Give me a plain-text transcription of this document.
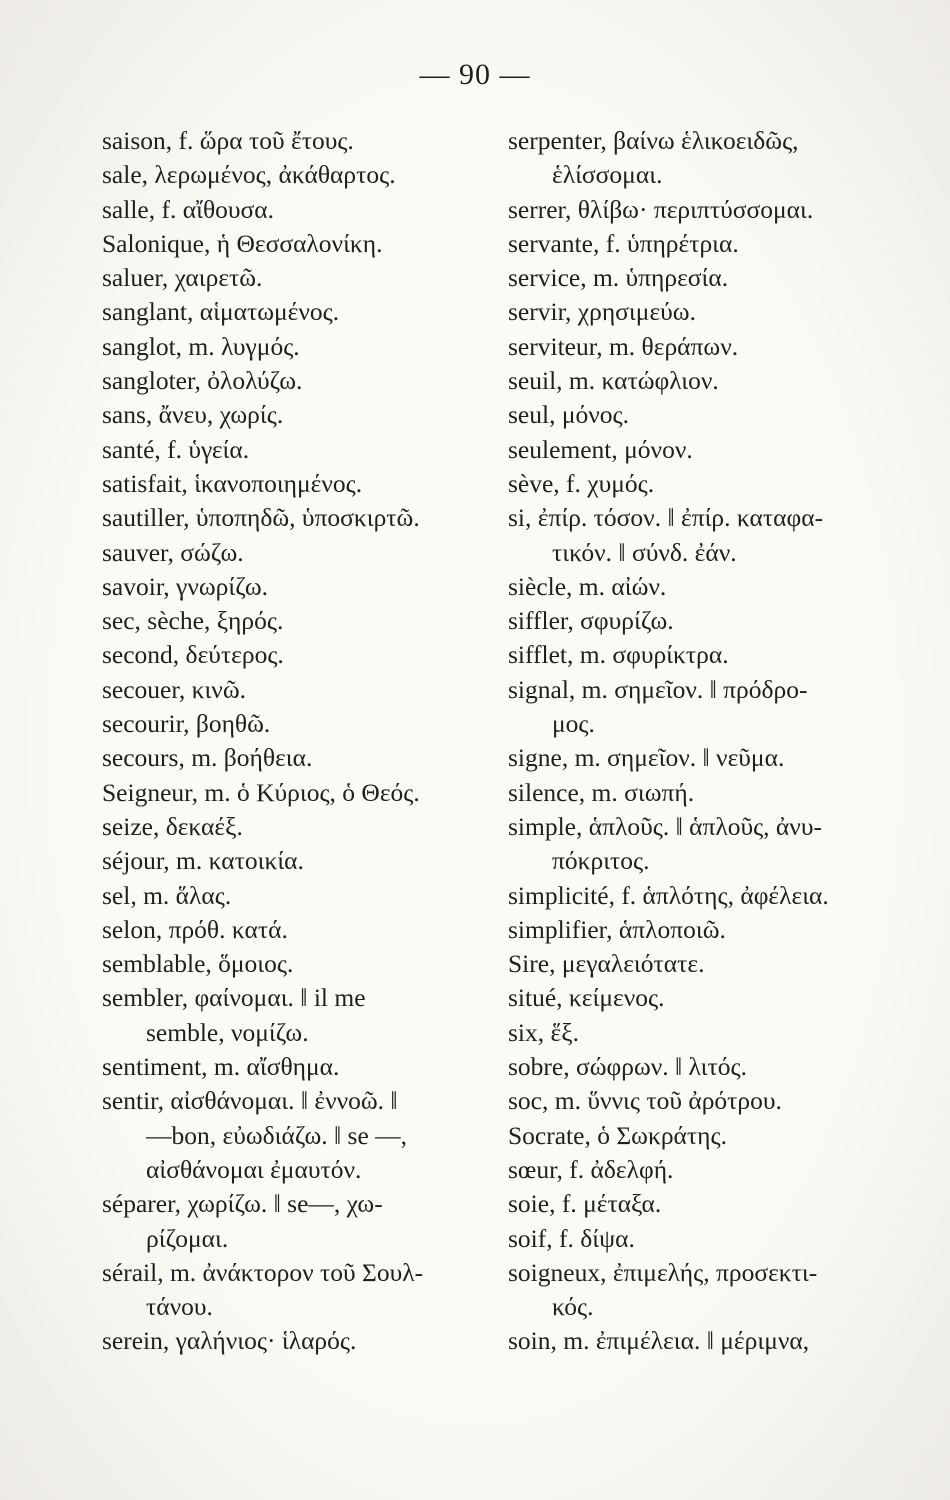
— 90 —
saison, f. ὥρα τοῦ ἔτους.
sale, λερωμένος, ἀκάθαρτος.
salle, f. αἴθουσα.
Salonique, ἡ Θεσσαλονίκη.
saluer, χαιρετῶ.
sanglant, αἱματωμένος.
sanglot, m. λυγμός.
sangloter, ὀλολύζω.
sans, ἄνευ, χωρίς.
santé, f. ὑγεία.
satisfait, ἱκανοποιημένος.
sautiller, ὑποπηδῶ, ὑποσκιρτῶ.
sauver, σώζω.
savoir, γνωρίζω.
sec, sèche, ξηρός.
second, δεύτερος.
secouer, κινῶ.
secourir, βοηθῶ.
secours, m. βοήθεια.
Seigneur, m. ὁ Κύριος, ὁ Θεός.
seize, δεκαέξ.
séjour, m. κατοικία.
sel, m. ἅλας.
selon, πρόθ. κατά.
semblable, ὅμοιος.
sembler, φαίνομαι. ‖ il me
semble, νομίζω.
sentiment, m. αἴσθημα.
sentir, αἰσθάνομαι. ‖ ἐννοῶ. ‖
—bon, εὐωδιάζω. ‖ se —,
αἰσθάνομαι ἐμαυτόν.
séparer, χωρίζω. ‖ se—, χω-
ρίζομαι.
sérail, m. ἀνάκτορον τοῦ Σουλ-
τάνου.
serein, γαλήνιος· ἱλαρός.
serpenter, βαίνω ἑλικοειδῶς,
ἑλίσσομαι.
serrer, θλίβω· περιπτύσσομαι.
servante, f. ὑπηρέτρια.
service, m. ὑπηρεσία.
servir, χρησιμεύω.
serviteur, m. θεράπων.
seuil, m. κατώφλιον.
seul, μόνος.
seulement, μόνον.
sève, f. χυμός.
si, ἐπίρ. τόσον. ‖ ἐπίρ. καταφα-
τικόν. ‖ σύνδ. ἐάν.
siècle, m. αἰών.
siffler, σφυρίζω.
sifflet, m. σφυρίκτρα.
signal, m. σημεῖον. ‖ πρόδρο-
μος.
signe, m. σημεῖον. ‖ νεῦμα.
silence, m. σιωπή.
simple, ἁπλοῦς. ‖ ἁπλοῦς, ἀνυ-
πόκριτος.
simplicité, f. ἁπλότης, ἀφέλεια.
simplifier, ἁπλοποιῶ.
Sire, μεγαλειότατε.
situé, κείμενος.
six, ἕξ.
sobre, σώφρων. ‖ λιτός.
soc, m. ὕννις τοῦ ἀρότρου.
Socrate, ὁ Σωκράτης.
sœur, f. ἀδελφή.
soie, f. μέταξα.
soif, f. δίψα.
soigneux, ἐπιμελής, προσεκτι-
κός.
soin, m. ἐπιμέλεια. ‖ μέριμνα,
